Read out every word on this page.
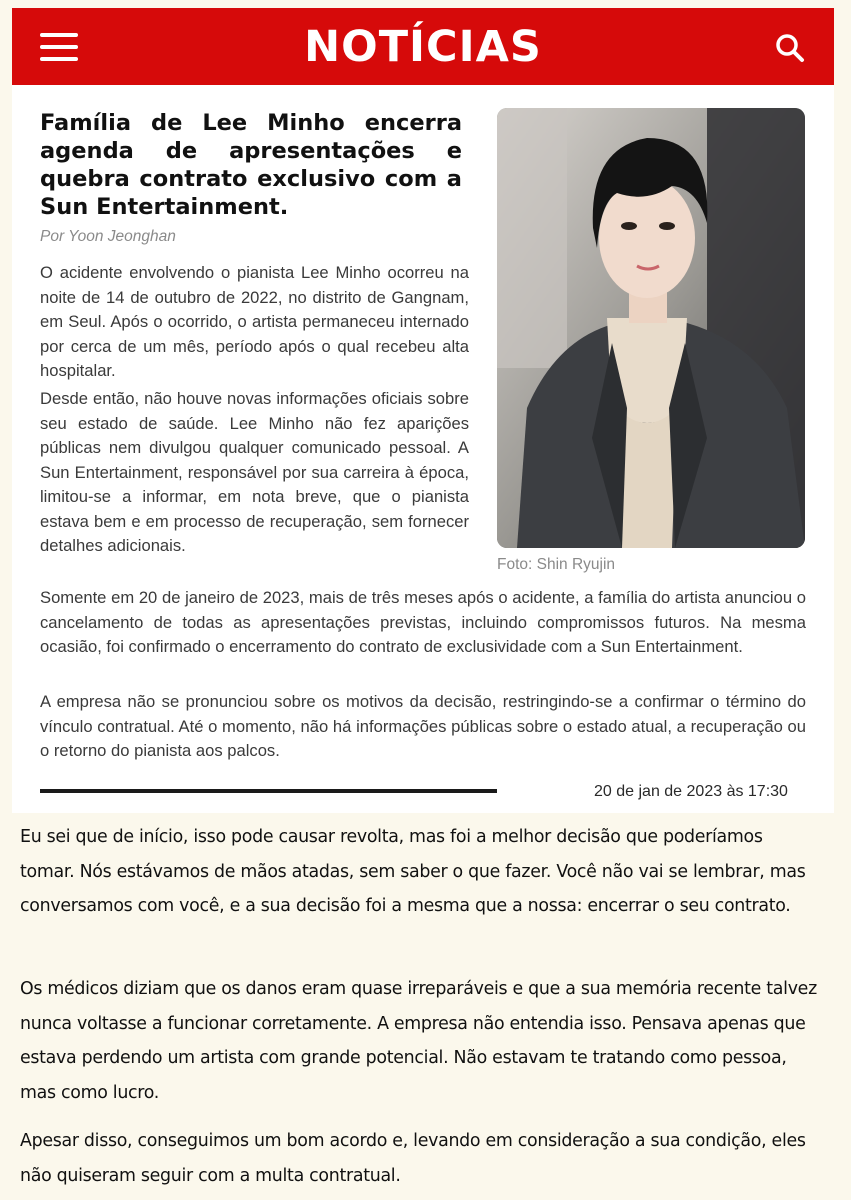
NOTÍCIAS
Família de Lee Minho encerra agenda de apresentações e quebra contrato exclusivo com a Sun Entertainment.
Por Yoon Jeonghan

O acidente envolvendo o pianista Lee Minho ocorreu na noite de 14 de outubro de 2022, no distrito de Gangnam, em Seul. Após o ocorrido, o artista permaneceu internado por cerca de um mês, período após o qual recebeu alta hospitalar.

Desde então, não houve novas informações oficiais sobre seu estado de saúde. Lee Minho não fez aparições públicas nem divulgou qualquer comunicado pessoal. A Sun Entertainment, responsável por sua carreira à época, limitou-se a informar, em nota breve, que o pianista estava bem e em processo de recuperação, sem fornecer detalhes adicionais.

Foto: Shin Ryujin

Somente em 20 de janeiro de 2023, mais de três meses após o acidente, a família do artista anunciou o cancelamento de todas as apresentações previstas, incluindo compromissos futuros. Na mesma ocasião, foi confirmado o encerramento do contrato de exclusividade com a Sun Entertainment.

A empresa não se pronunciou sobre os motivos da decisão, restringindo-se a confirmar o término do vínculo contratual. Até o momento, não há informações públicas sobre o estado atual, a recuperação ou o retorno do pianista aos palcos.

20 de jan de 2023 às 17:30

Eu sei que de início, isso pode causar revolta, mas foi a melhor decisão que poderíamos tomar. Nós estávamos de mãos atadas, sem saber o que fazer. Você não vai se lembrar, mas conversamos com você, e a sua decisão foi a mesma que a nossa: encerrar o seu contrato.

Os médicos diziam que os danos eram quase irreparáveis e que a sua memória recente talvez nunca voltasse a funcionar corretamente. A empresa não entendia isso. Pensava apenas que estava perdendo um artista com grande potencial. Não estavam te tratando como pessoa, mas como lucro.

Apesar disso, conseguimos um bom acordo e, levando em consideração a sua condição, eles não quiseram seguir com a multa contratual.
